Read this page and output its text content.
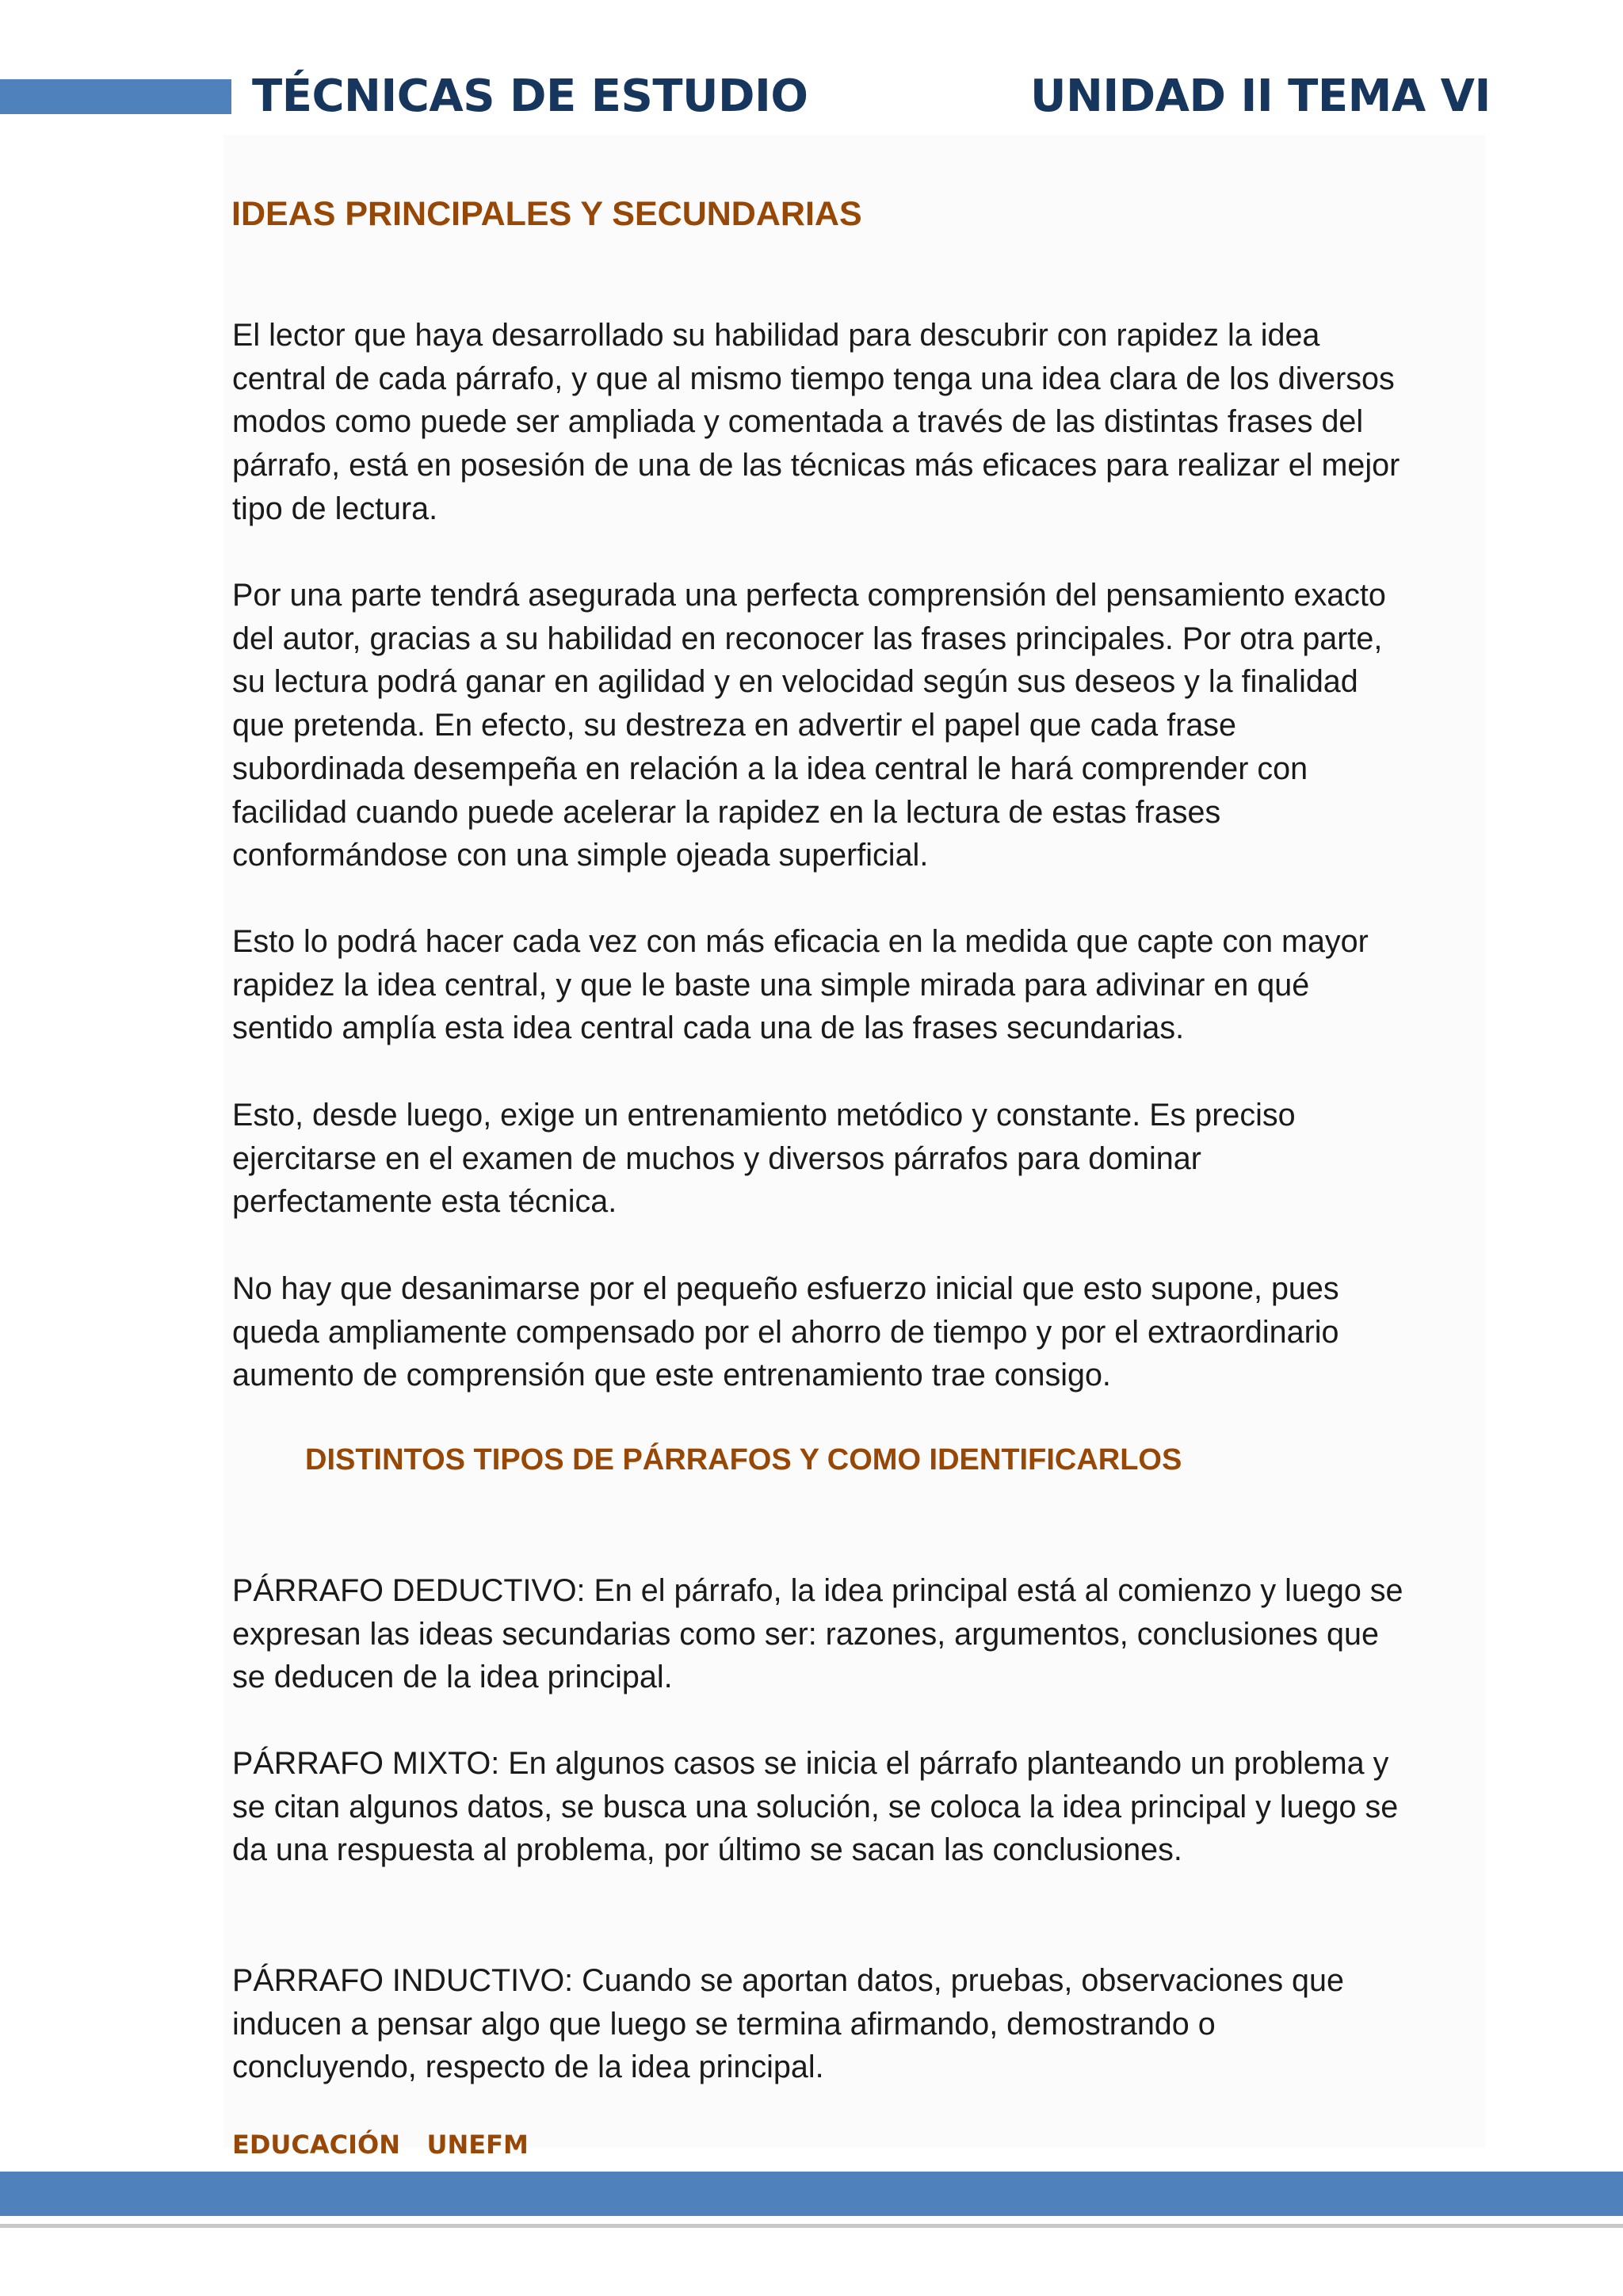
TÉCNICAS DE ESTUDIO	UNIDAD II TEMA VI
IDEAS PRINCIPALES Y SECUNDARIAS

El lector que haya desarrollado su habilidad para descubrir con rapidez la idea central de cada párrafo, y que al mismo tiempo tenga una idea clara de los diversos modos como puede ser ampliada y comentada a través de las distintas frases del párrafo, está en posesión de una de las técnicas más eficaces para realizar el mejor tipo de lectura.

Por una parte tendrá asegurada una perfecta comprensión del pensamiento exacto del autor, gracias a su habilidad en reconocer las frases principales. Por otra parte, su lectura podrá ganar en agilidad y en velocidad según sus deseos y la finalidad que pretenda. En efecto, su destreza en advertir el papel que cada frase subordinada desempeña en relación a la idea central le hará comprender con facilidad cuando puede acelerar la rapidez en la lectura de estas frases conformándose con una simple ojeada superficial.

Esto lo podrá hacer cada vez con más eficacia en la medida que capte con mayor rapidez la idea central, y que le baste una simple mirada para adivinar en qué sentido amplía esta idea central cada una de las frases secundarias.

Esto, desde luego, exige un entrenamiento metódico y constante. Es preciso ejercitarse en el examen de muchos y diversos párrafos para dominar perfectamente esta técnica.

No hay que desanimarse por el pequeño esfuerzo inicial que esto supone, pues queda ampliamente compensado por el ahorro de tiempo y por el extraordinario aumento de comprensión que este entrenamiento trae consigo.

DISTINTOS TIPOS DE PÁRRAFOS Y COMO IDENTIFICARLOS

PÁRRAFO DEDUCTIVO: En el párrafo, la idea principal está al comienzo y luego se expresan las ideas secundarias como ser: razones, argumentos, conclusiones que se deducen de la idea principal.

PÁRRAFO MIXTO: En algunos casos se inicia el párrafo planteando un problema y se citan algunos datos, se busca una solución, se coloca la idea principal y luego se da una respuesta al problema, por último se sacan las conclusiones.

PÁRRAFO INDUCTIVO: Cuando se aportan datos, pruebas, observaciones que inducen a pensar algo que luego se termina afirmando, demostrando o concluyendo, respecto de la idea principal.

EDUCACIÓN   UNEFM
